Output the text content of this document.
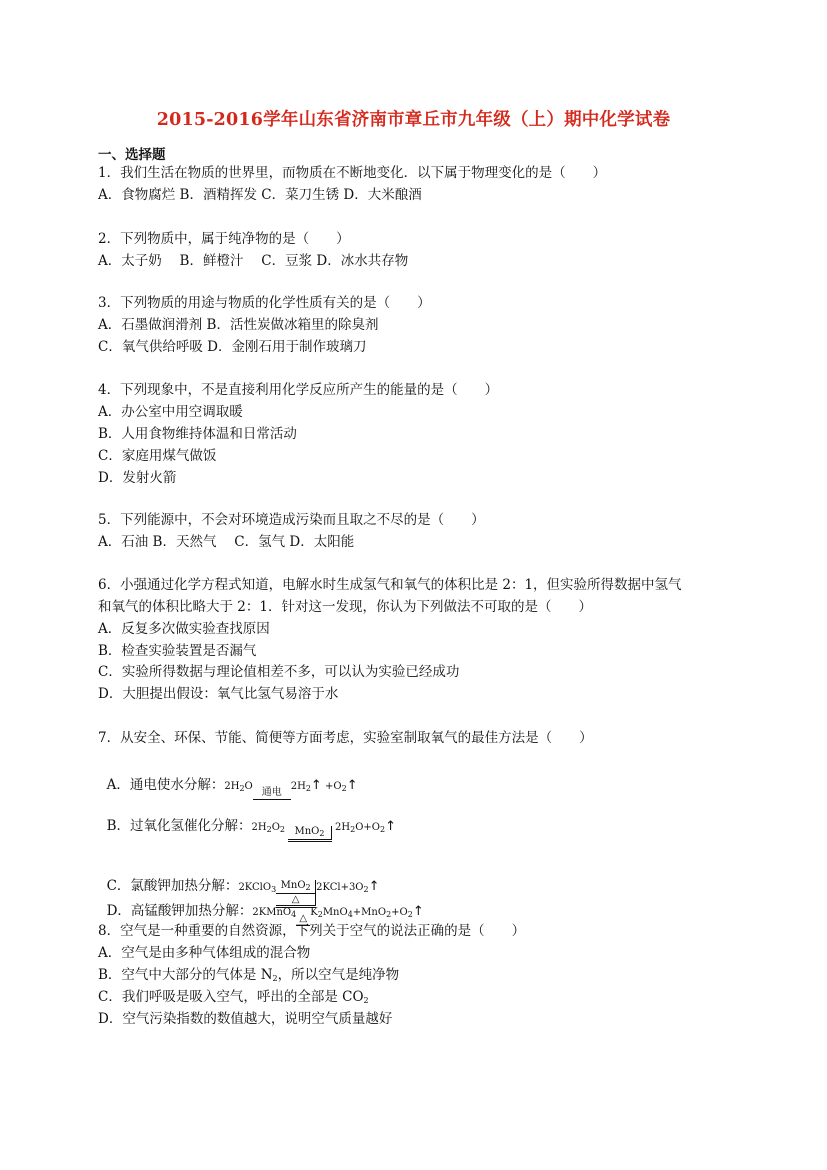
2015-2016学年山东省济南市章丘市九年级（上）期中化学试卷
一、选择题
1．我们生活在物质的世界里，而物质在不断地变化．以下属于物理变化的是（　　）
A．食物腐烂 B．酒精挥发 C．菜刀生锈 D．大米酿酒
2．下列物质中，属于纯净物的是（　　）
A．太子奶　 B．鲜橙汁　 C．豆浆 D．冰水共存物
3．下列物质的用途与物质的化学性质有关的是（　　）
A．石墨做润滑剂 B．活性炭做冰箱里的除臭剂
C．氧气供给呼吸 D．金刚石用于制作玻璃刀
4．下列现象中，不是直接利用化学反应所产生的能量的是（　　）
A．办公室中用空调取暖
B．人用食物维持体温和日常活动
C．家庭用煤气做饭
D．发射火箭
5．下列能源中，不会对环境造成污染而且取之不尽的是（　　）
A．石油 B．天然气　 C．氢气 D．太阳能
6．小强通过化学方程式知道，电解水时生成氢气和氧气的体积比是 2：1，但实验所得数据中氢气
和氧气的体积比略大于 2：1．针对这一发现，你认为下列做法不可取的是（　　）
A．反复多次做实验查找原因
B．检查实验装置是否漏气
C．实验所得数据与理论值相差不多，可以认为实验已经成功
D．大胆提出假设：氧气比氢气易溶于水
7．从安全、环保、节能、简便等方面考虑，实验室制取氧气的最佳方法是（　　）

A．通电使水分解：$2H_2O$
通电
$2H_2↑$ $+O_2↑$

B．过氧化氢催化分解：$2H_2O_2$ MnO$_2$
$2H_2O+O_2↑$

C．氯酸钾加热分解：2KClO$_3$ MnO$_2$
△
$2KCl+3O_2↑$

D．高锰酸钾加热分解：2KMnO$_4$ △
$K_2MnO_4+MnO_2+O_2↑$

8．空气是一种重要的自然资源，下列关于空气的说法正确的是（　　）
A．空气是由多种气体组成的混合物
B．空气中大部分的气体是 $N_2$，所以空气是纯净物
C．我们呼吸是吸入空气，呼出的全部是 $CO_2$
D．空气污染指数的数值越大，说明空气质量越好
